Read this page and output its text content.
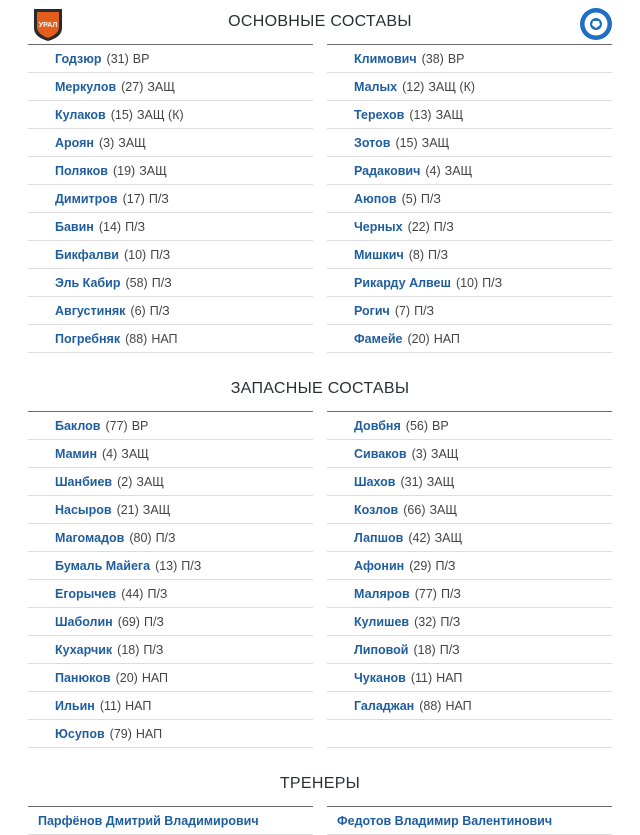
УРАЛ	ОСНОВНЫЕ СОСТАВЫ
Годзюр (31) ВР
Меркулов (27) ЗАЩ
Кулаков (15) ЗАЩ (К)
Ароян (3) ЗАЩ
Поляков (19) ЗАЩ
Димитров (17) П/З
Бавин (14) П/З
Бикфалви (10) П/З
Эль Кабир (58) П/З
Августиняк (6) П/З
Погребняк (88) НАП
Климович (38) ВР
Малых (12) ЗАЩ (К)
Терехов (13) ЗАЩ
Зотов (15) ЗАЩ
Радакович (4) ЗАЩ
Аюпов (5) П/З
Черных (22) П/З
Мишкич (8) П/З
Рикарду Алвеш (10) П/З
Рогич (7) П/З
Фамейе (20) НАП
ЗАПАСНЫЕ СОСТАВЫ
Баклов (77) ВР
Мамин (4) ЗАЩ
Шанбиев (2) ЗАЩ
Насыров (21) ЗАЩ
Магомадов (80) П/З
Бумаль Майега (13) П/З
Егорычев (44) П/З
Шаболин (69) П/З
Кухарчик (18) П/З
Панюков (20) НАП
Ильин (11) НАП
Юсупов (79) НАП
Довбня (56) ВР
Сиваков (3) ЗАЩ
Шахов (31) ЗАЩ
Козлов (66) ЗАЩ
Лапшов (42) ЗАЩ
Афонин (29) П/З
Маляров (77) П/З
Кулишев (32) П/З
Липовой (18) П/З
Чуканов (11) НАП
Галаджан (88) НАП
ТРЕНЕРЫ
Парфёнов Дмитрий Владимирович	Федотов Владимир Валентинович
